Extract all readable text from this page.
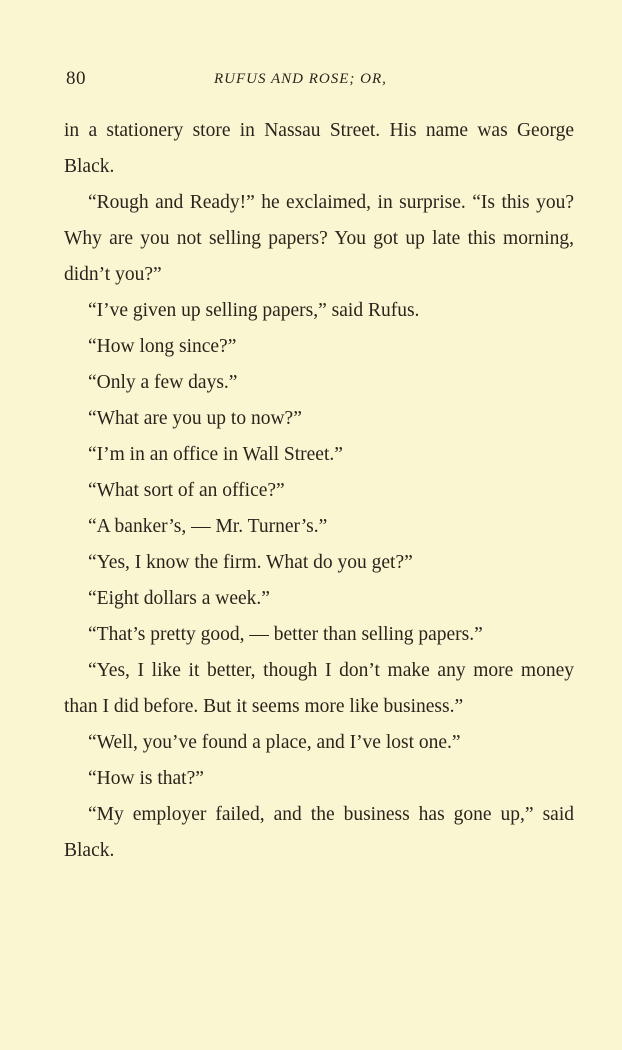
80	RUFUS AND ROSE; OR,

in a stationery store in Nassau Street. His name was George Black.

“Rough and Ready!” he exclaimed, in surprise. “Is this you? Why are you not selling papers? You got up late this morning, didn’t you?”

“I’ve given up selling papers,” said Rufus.

“How long since?”

“Only a few days.”

“What are you up to now?”

“I’m in an office in Wall Street.”

“What sort of an office?”

“A banker’s, — Mr. Turner’s.”

“Yes, I know the firm. What do you get?”

“Eight dollars a week.”

“That’s pretty good, — better than selling papers.”

“Yes, I like it better, though I don’t make any more money than I did before. But it seems more like business.”

“Well, you’ve found a place, and I’ve lost one.”

“How is that?”

“My employer failed, and the business has gone up,” said Black.
